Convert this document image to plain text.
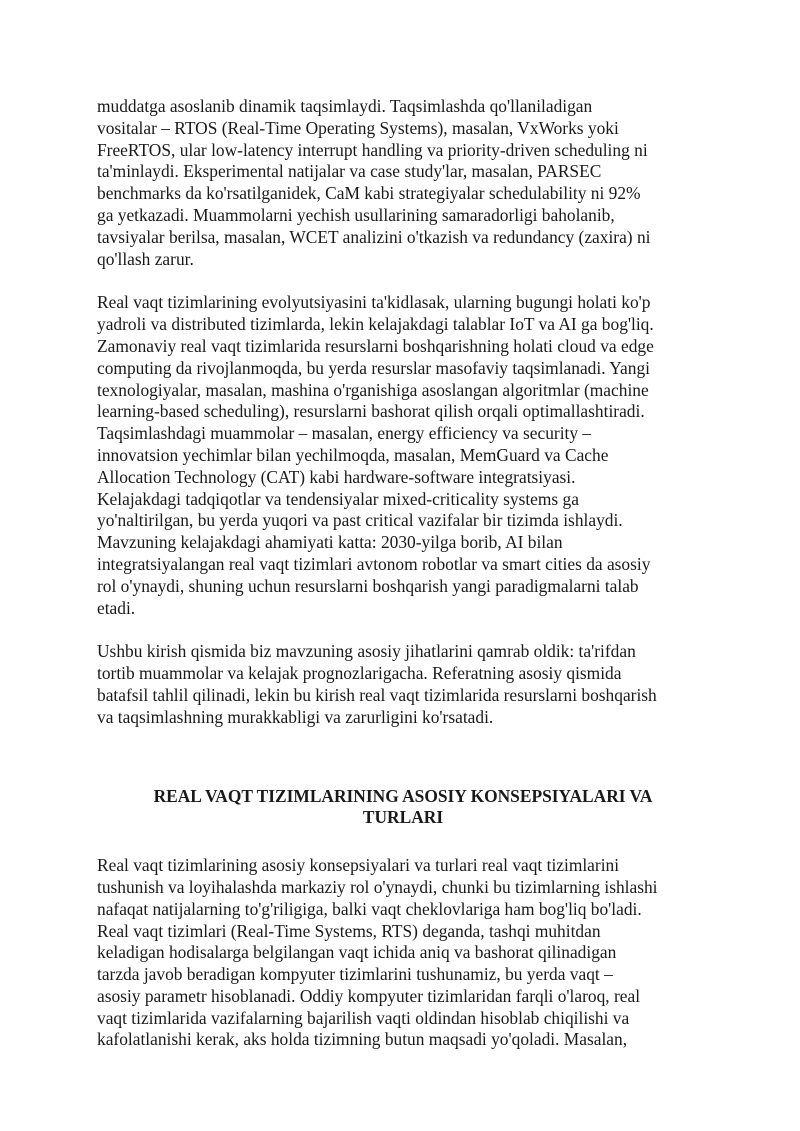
muddatga asoslanib dinamik taqsimlaydi. Taqsimlashda qo'llaniladigan
vositalar – RTOS (Real-Time Operating Systems), masalan, VxWorks yoki
FreeRTOS, ular low-latency interrupt handling va priority-driven scheduling ni
ta'minlaydi. Eksperimental natijalar va case study'lar, masalan, PARSEC
benchmarks da ko'rsatilganidek, CaM kabi strategiyalar schedulability ni 92%
ga yetkazadi. Muammolarni yechish usullarining samaradorligi baholanib,
tavsiyalar berilsa, masalan, WCET analizini o'tkazish va redundancy (zaxira) ni
qo'llash zarur.

Real vaqt tizimlarining evolyutsiyasini ta'kidlasak, ularning bugungi holati ko'p
yadroli va distributed tizimlarda, lekin kelajakdagi talablar IoT va AI ga bog'liq.
Zamonaviy real vaqt tizimlarida resurslarni boshqarishning holati cloud va edge
computing da rivojlanmoqda, bu yerda resurslar masofaviy taqsimlanadi. Yangi
texnologiyalar, masalan, mashina o'rganishiga asoslangan algoritmlar (machine
learning-based scheduling), resurslarni bashorat qilish orqali optimallashtiradi.
Taqsimlashdagi muammolar – masalan, energy efficiency va security –
innovatsion yechimlar bilan yechilmoqda, masalan, MemGuard va Cache
Allocation Technology (CAT) kabi hardware-software integratsiyasi.
Kelajakdagi tadqiqotlar va tendensiyalar mixed-criticality systems ga
yo'naltirilgan, bu yerda yuqori va past critical vazifalar bir tizimda ishlaydi.
Mavzuning kelajakdagi ahamiyati katta: 2030-yilga borib, AI bilan
integratsiyalangan real vaqt tizimlari avtonom robotlar va smart cities da asosiy
rol o'ynaydi, shuning uchun resurslarni boshqarish yangi paradigmalarni talab
etadi.

Ushbu kirish qismida biz mavzuning asosiy jihatlarini qamrab oldik: ta'rifdan
tortib muammolar va kelajak prognozlarigacha. Referatning asosiy qismida
batafsil tahlil qilinadi, lekin bu kirish real vaqt tizimlarida resurslarni boshqarish
va taqsimlashning murakkabligi va zarurligini ko'rsatadi.

REAL VAQT TIZIMLARINING ASOSIY KONSEPSIYALARI VA
TURLARI

Real vaqt tizimlarining asosiy konsepsiyalari va turlari real vaqt tizimlarini
tushunish va loyihalashda markaziy rol o'ynaydi, chunki bu tizimlarning ishlashi
nafaqat natijalarning to'g'riligiga, balki vaqt cheklovlariga ham bog'liq bo'ladi.
Real vaqt tizimlari (Real-Time Systems, RTS) deganda, tashqi muhitdan
keladigan hodisalarga belgilangan vaqt ichida aniq va bashorat qilinadigan
tarzda javob beradigan kompyuter tizimlarini tushunamiz, bu yerda vaqt –
asosiy parametr hisoblanadi. Oddiy kompyuter tizimlaridan farqli o'laroq, real
vaqt tizimlarida vazifalarning bajarilish vaqti oldindan hisoblab chiqilishi va
kafolatlanishi kerak, aks holda tizimning butun maqsadi yo'qoladi. Masalan,
